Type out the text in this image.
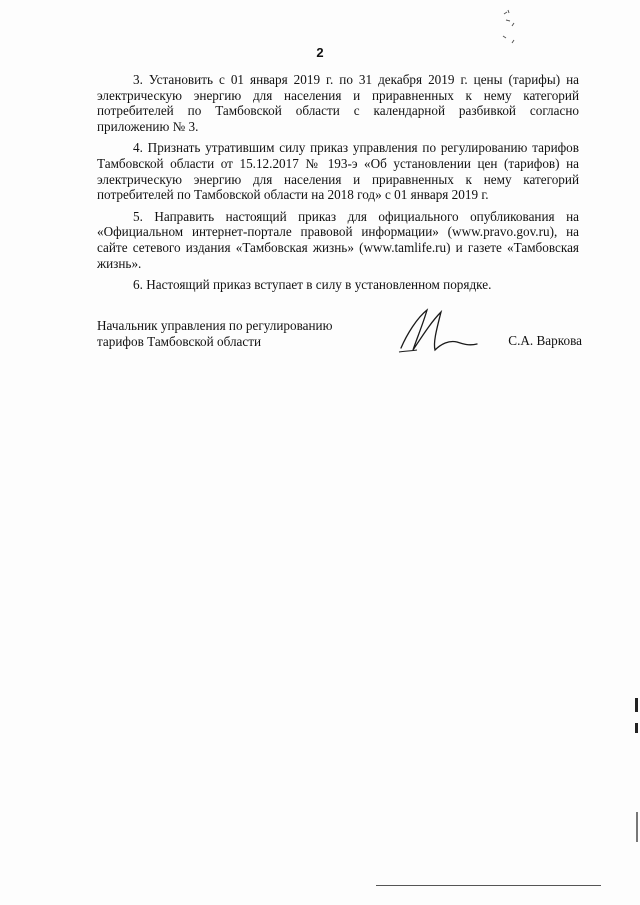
2

3. Установить с 01 января 2019 г. по 31 декабря 2019 г. цены (тарифы) на электрическую энергию для населения и приравненных к нему категорий потребителей по Тамбовской области с календарной разбивкой согласно приложению № 3.

4. Признать утратившим силу приказ управления по регулированию тарифов Тамбовской области от 15.12.2017 № 193-э «Об установлении цен (тарифов) на электрическую энергию для населения и приравненных к нему категорий потребителей по Тамбовской области на 2018 год» с 01 января 2019 г.

5. Направить настоящий приказ для официального опубликования на «Официальном интернет-портале правовой информации» (www.pravo.gov.ru), на сайте сетевого издания «Тамбовская жизнь» (www.tamlife.ru) и газете «Тамбовская жизнь».

6. Настоящий приказ вступает в силу в установленном порядке.

Начальник управления по регулированию
тарифов Тамбовской области	С.А. Варкова
